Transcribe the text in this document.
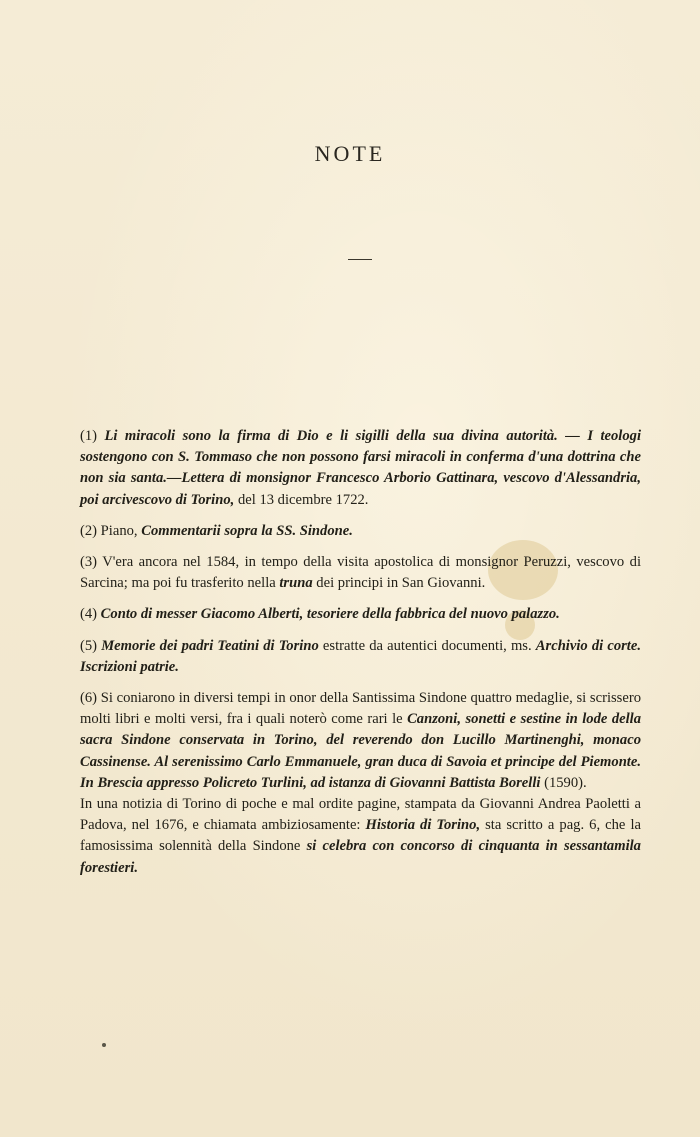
NOTE

(1) Li miracoli sono la firma di Dio e li sigilli della sua divina autorità. — I teologi sostengono con S. Tommaso che non possono farsi miracoli in conferma d'una dottrina che non sia santa.—Lettera di monsignor Francesco Arborio Gattinara, vescovo d'Alessandria, poi arcivescovo di Torino, del 13 dicembre 1722.

(2) Piano, Commentarii sopra la SS. Sindone.

(3) V'era ancora nel 1584, in tempo della visita apostolica di monsignor Peruzzi, vescovo di Sarcina; ma poi fu trasferito nella truna dei principi in San Giovanni.

(4) Conto di messer Giacomo Alberti, tesoriere della fabbrica del nuovo palazzo.

(5) Memorie dei padri Teatini di Torino estratte da autentici documenti, ms. Archivio di corte. Iscrizioni patrie.

(6) Si coniarono in diversi tempi in onor della Santissima Sindone quattro medaglie, si scrissero molti libri e molti versi, fra i quali noterò come rari le Canzoni, sonetti e sestine in lode della sacra Sindone conservata in Torino, del reverendo don Lucillo Martinenghi, monaco Cassinense. Al serenissimo Carlo Emmanuele, gran duca di Savoia et principe del Piemonte. In Brescia appresso Policreto Turlini, ad istanza di Giovanni Battista Borelli (1590).

In una notizia di Torino di poche e mal ordite pagine, stampata da Giovanni Andrea Paoletti a Padova, nel 1676, e chiamata ambiziosamente: Historia di Torino, sta scritto a pag. 6, che la famosissima solennità della Sindone si celebra con concorso di cinquanta in sessantamila forestieri.
